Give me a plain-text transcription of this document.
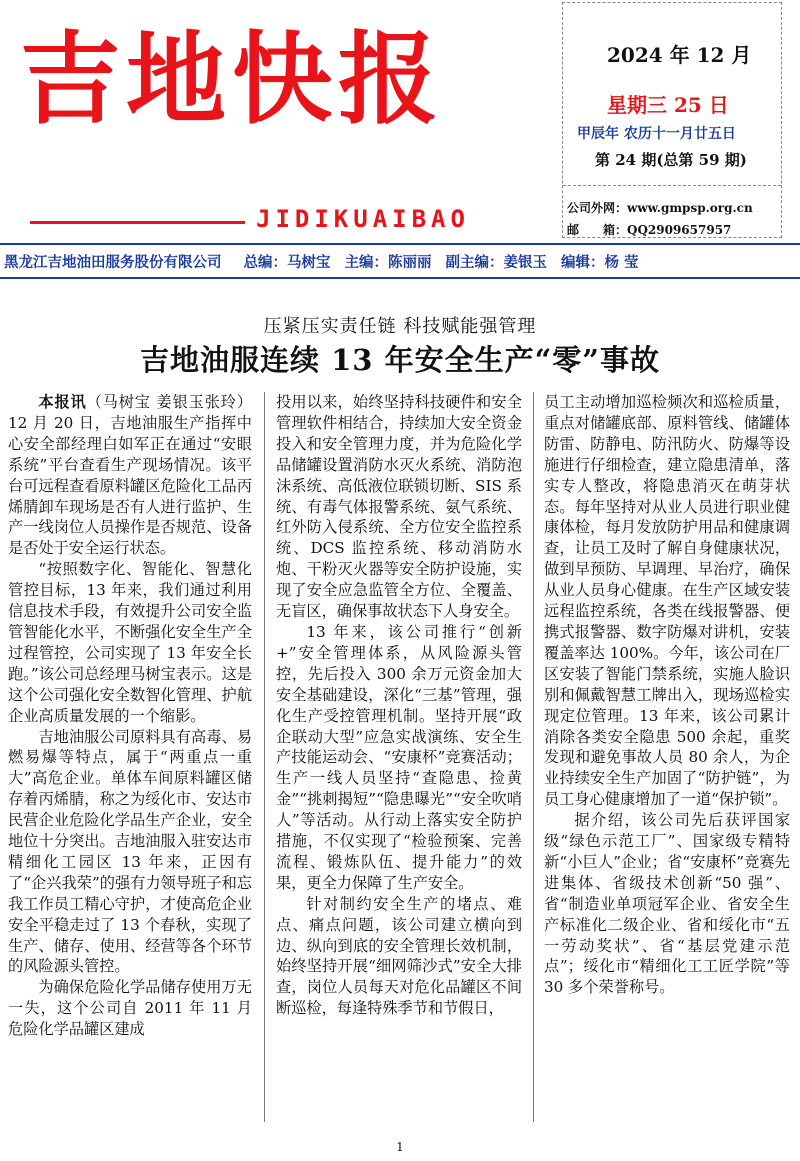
吉地快报
JIDIKUAIBAO
2024 年 12 月
星期三 25 日
甲辰年 农历十一月廿五日
第 24 期(总第 59 期)
公司外网：www.gmpsp.org.cn
邮　　箱：QQ2909657957
黑龙江吉地油田服务股份有限公司 总编：马树宝 主编：陈丽丽 副主编：姜银玉 编辑：杨 莹
压紧压实责任链 科技赋能强管理
吉地油服连续 13 年安全生产“零”事故

本报讯（马树宝 姜银玉张玲）12 月 20 日，吉地油服生产指挥中心安全部经理白如军正在通过“安眼系统”平台查看生产现场情况。该平台可远程查看原料罐区危险化工品丙烯腈卸车现场是否有人进行监护、生产一线岗位人员操作是否规范、设备是否处于安全运行状态。

“按照数字化、智能化、智慧化管控目标，13 年来，我们通过利用信息技术手段，有效提升公司安全监管智能化水平，不断强化安全生产全过程管控，公司实现了 13 年安全长跑。”该公司总经理马树宝表示。这是这个公司强化安全数智化管理、护航企业高质量发展的一个缩影。

吉地油服公司原料具有高毒、易燃易爆等特点，属于“两重点一重大”高危企业。单体车间原料罐区储存着丙烯腈，称之为绥化市、安达市民营企业危险化学品生产企业，安全地位十分突出。吉地油服入驻安达市精细化工园区 13 年来，正因有了“企兴我荣”的强有力领导班子和忘我工作员工精心守护，才使高危企业安全平稳走过了 13 个春秋，实现了生产、储存、使用、经营等各个环节的风险源头管控。

为确保危险化学品储存使用万无一失，这个公司自 2011 年 11 月危险化学品罐区建成

投用以来，始终坚持科技硬件和安全管理软件相结合，持续加大安全资金投入和安全管理力度，并为危险化学品储罐设置消防水灭火系统、消防泡沫系统、高低液位联锁切断、SIS 系统、有毒气体报警系统、氨气系统、红外防入侵系统、全方位安全监控系统、DCS 监控系统、移动消防水炮、干粉灭火器等安全防护设施，实现了安全应急监管全方位、全覆盖、无盲区，确保事故状态下人身安全。

13 年来，该公司推行“创新+”安全管理体系，从风险源头管控，先后投入 300 余万元资金加大安全基础建设，深化“三基”管理，强化生产受控管理机制。坚持开展“政企联动大型”应急实战演练、安全生产技能运动会、“安康杯”竞赛活动；生产一线人员坚持“查隐患、捡黄金”“挑刺揭短”“隐患曝光”“安全吹哨人”等活动。从行动上落实安全防护措施，不仅实现了“检验预案、完善流程、锻炼队伍、提升能力”的效果，更全力保障了生产安全。

针对制约安全生产的堵点、难点、痛点问题，该公司建立横向到边、纵向到底的安全管理长效机制，始终坚持开展“细网筛沙式”安全大排查，岗位人员每天对危化品罐区不间断巡检，每逢特殊季节和节假日，

员工主动增加巡检频次和巡检质量，重点对储罐底部、原料管线、储罐体防雷、防静电、防汛防火、防爆等设施进行仔细检查，建立隐患清单，落实专人整改，将隐患消灭在萌芽状态。每年坚持对从业人员进行职业健康体检，每月发放防护用品和健康调查，让员工及时了解自身健康状况，做到早预防、早调理、早治疗，确保从业人员身心健康。在生产区域安装远程监控系统，各类在线报警器、便携式报警器、数字防爆对讲机，安装覆盖率达 100%。今年，该公司在厂区安装了智能门禁系统，实施人脸识别和佩戴智慧工牌出入，现场巡检实现定位管理。13 年来，该公司累计消除各类安全隐患 500 余起，重奖发现和避免事故人员 80 余人，为企业持续安全生产加固了“防护链”，为员工身心健康增加了一道“保护锁”。

据介绍，该公司先后获评国家级“绿色示范工厂”、国家级专精特新“小巨人”企业；省“安康杯”竞赛先进集体、省级技术创新“50 强”、省“制造业单项冠军企业、省安全生产标准化二级企业、省和绥化市“五一劳动奖状”、省“基层党建示范点”；绥化市“精细化工工匠学院”等 30 多个荣誉称号。

1
